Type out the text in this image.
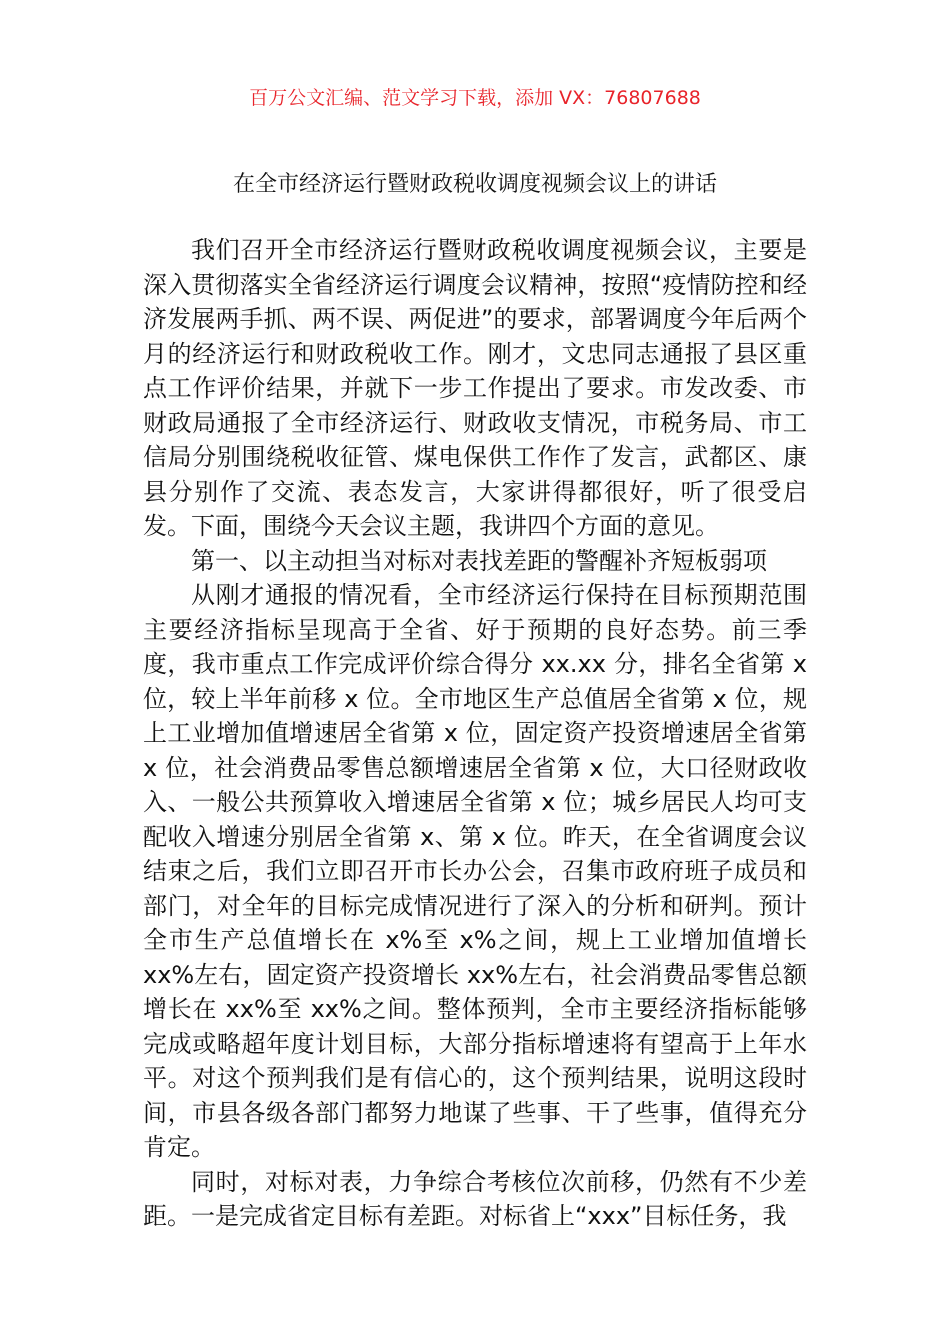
百万公文汇编、范文学习下载，添加 VX：76807688
在全市经济运行暨财政税收调度视频会议上的讲话

我们召开全市经济运行暨财政税收调度视频会议，主要是深入贯彻落实全省经济运行调度会议精神，按照“疫情防控和经济发展两手抓、两不误、两促进”的要求，部署调度今年后两个月的经济运行和财政税收工作。刚才，文忠同志通报了县区重点工作评价结果，并就下一步工作提出了要求。市发改委、市财政局通报了全市经济运行、财政收支情况，市税务局、市工信局分别围绕税收征管、煤电保供工作作了发言，武都区、康县分别作了交流、表态发言，大家讲得都很好，听了很受启发。下面，围绕今天会议主题，我讲四个方面的意见。

第一、以主动担当对标对表找差距的警醒补齐短板弱项

从刚才通报的情况看，全市经济运行保持在目标预期范围主要经济指标呈现高于全省、好于预期的良好态势。前三季度，我市重点工作完成评价综合得分 xx.xx 分，排名全省第 x 位，较上半年前移 x 位。全市地区生产总值居全省第 x 位，规上工业增加值增速居全省第 x 位，固定资产投资增速居全省第 x 位，社会消费品零售总额增速居全省第 x 位，大口径财政收入、一般公共预算收入增速居全省第 x 位；城乡居民人均可支配收入增速分别居全省第 x、第 x 位。昨天，在全省调度会议结束之后，我们立即召开市长办公会，召集市政府班子成员和部门，对全年的目标完成情况进行了深入的分析和研判。预计全市生产总值增长在 x%至 x%之间，规上工业增加值增长 xx%左右，固定资产投资增长 xx%左右，社会消费品零售总额增长在 xx%至 xx%之间。整体预判，全市主要经济指标能够完成或略超年度计划目标，大部分指标增速将有望高于上年水平。对这个预判我们是有信心的，这个预判结果，说明这段时间，市县各级各部门都努力地谋了些事、干了些事，值得充分肯定。

同时，对标对表，力争综合考核位次前移，仍然有不少差距。一是完成省定目标有差距。对标省上“xxx”目标任务，我
